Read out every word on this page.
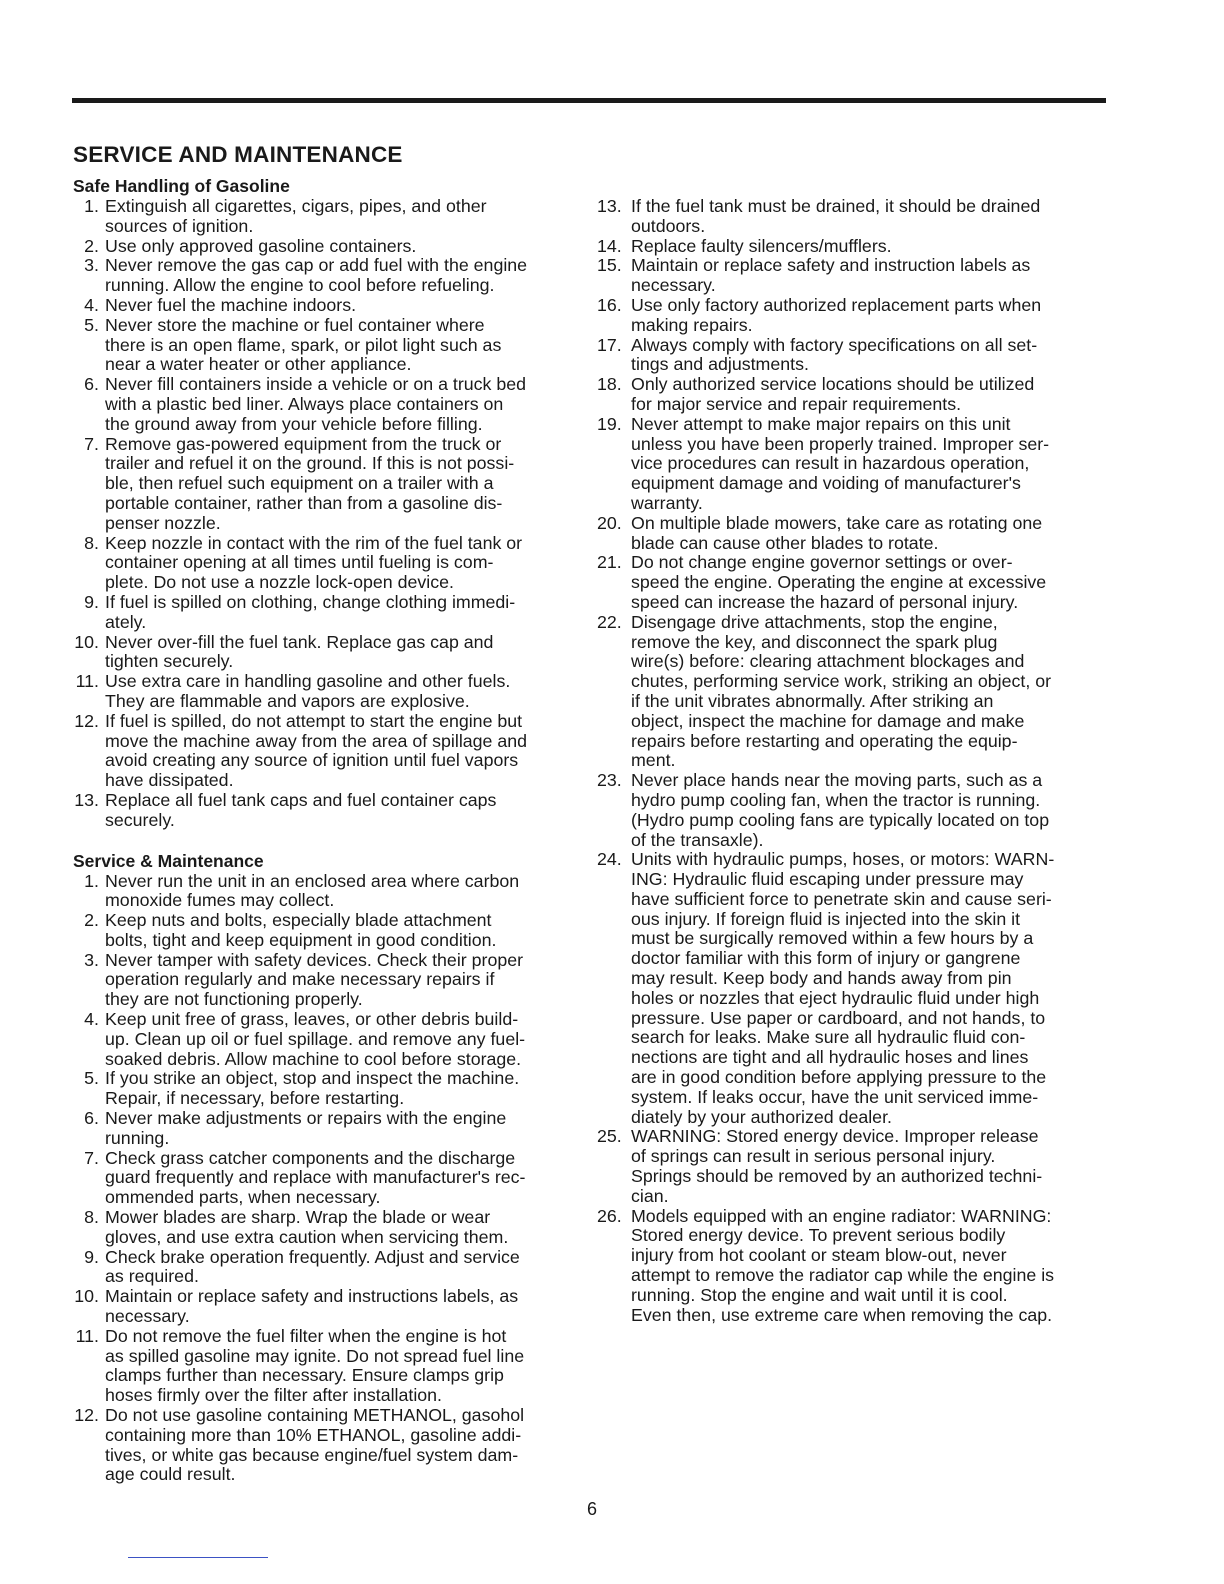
SERVICE AND MAINTENANCE
Safe Handling of Gasoline
1. Extinguish all cigarettes, cigars, pipes, and other
sources of ignition.
2. Use only approved gasoline containers.
3. Never remove the gas cap or add fuel with the engine
running. Allow the engine to cool before refueling.
4. Never fuel the machine indoors.
5. Never store the machine or fuel container where
there is an open flame, spark, or pilot light such as
near a water heater or other appliance.
6. Never fill containers inside a vehicle or on a truck bed
with a plastic bed liner. Always place containers on
the ground away from your vehicle before filling.
7. Remove gas-powered equipment from the truck or
trailer and refuel it on the ground. If this is not possi-
ble, then refuel such equipment on a trailer with a
portable container, rather than from a gasoline dis-
penser nozzle.
8. Keep nozzle in contact with the rim of the fuel tank or
container opening at all times until fueling is com-
plete. Do not use a nozzle lock-open device.
9. If fuel is spilled on clothing, change clothing immedi-
ately.
10. Never over-fill the fuel tank. Replace gas cap and
tighten securely.
11. Use extra care in handling gasoline and other fuels.
They are flammable and vapors are explosive.
12. If fuel is spilled, do not attempt to start the engine but
move the machine away from the area of spillage and
avoid creating any source of ignition until fuel vapors
have dissipated.
13. Replace all fuel tank caps and fuel container caps
securely.
Service & Maintenance
1. Never run the unit in an enclosed area where carbon
monoxide fumes may collect.
2. Keep nuts and bolts, especially blade attachment
bolts, tight and keep equipment in good condition.
3. Never tamper with safety devices. Check their proper
operation regularly and make necessary repairs if
they are not functioning properly.
4. Keep unit free of grass, leaves, or other debris build-
up. Clean up oil or fuel spillage. and remove any fuel-
soaked debris. Allow machine to cool before storage.
5. If you strike an object, stop and inspect the machine.
Repair, if necessary, before restarting.
6. Never make adjustments or repairs with the engine
running.
7. Check grass catcher components and the discharge
guard frequently and replace with manufacturer's rec-
ommended parts, when necessary.
8. Mower blades are sharp. Wrap the blade or wear
gloves, and use extra caution when servicing them.
9. Check brake operation frequently. Adjust and service
as required.
10. Maintain or replace safety and instructions labels, as
necessary.
11. Do not remove the fuel filter when the engine is hot
as spilled gasoline may ignite. Do not spread fuel line
clamps further than necessary. Ensure clamps grip
hoses firmly over the filter after installation.
12. Do not use gasoline containing METHANOL, gasohol
containing more than 10% ETHANOL, gasoline addi-
tives, or white gas because engine/fuel system dam-
age could result.
13. If the fuel tank must be drained, it should be drained
outdoors.
14. Replace faulty silencers/mufflers.
15. Maintain or replace safety and instruction labels as
necessary.
16. Use only factory authorized replacement parts when
making repairs.
17. Always comply with factory specifications on all set-
tings and adjustments.
18. Only authorized service locations should be utilized
for major service and repair requirements.
19. Never attempt to make major repairs on this unit
unless you have been properly trained. Improper ser-
vice procedures can result in hazardous operation,
equipment damage and voiding of manufacturer's
warranty.
20. On multiple blade mowers, take care as rotating one
blade can cause other blades to rotate.
21. Do not change engine governor settings or over-
speed the engine. Operating the engine at excessive
speed can increase the hazard of personal injury.
22. Disengage drive attachments, stop the engine,
remove the key, and disconnect the spark plug
wire(s) before: clearing attachment blockages and
chutes, performing service work, striking an object, or
if the unit vibrates abnormally. After striking an
object, inspect the machine for damage and make
repairs before restarting and operating the equip-
ment.
23. Never place hands near the moving parts, such as a
hydro pump cooling fan, when the tractor is running.
(Hydro pump cooling fans are typically located on top
of the transaxle).
24. Units with hydraulic pumps, hoses, or motors: WARN-
ING: Hydraulic fluid escaping under pressure may
have sufficient force to penetrate skin and cause seri-
ous injury. If foreign fluid is injected into the skin it
must be surgically removed within a few hours by a
doctor familiar with this form of injury or gangrene
may result. Keep body and hands away from pin
holes or nozzles that eject hydraulic fluid under high
pressure. Use paper or cardboard, and not hands, to
search for leaks. Make sure all hydraulic fluid con-
nections are tight and all hydraulic hoses and lines
are in good condition before applying pressure to the
system. If leaks occur, have the unit serviced imme-
diately by your authorized dealer.
25. WARNING: Stored energy device. Improper release
of springs can result in serious personal injury.
Springs should be removed by an authorized techni-
cian.
26. Models equipped with an engine radiator: WARNING:
Stored energy device. To prevent serious bodily
injury from hot coolant or steam blow-out, never
attempt to remove the radiator cap while the engine is
running. Stop the engine and wait until it is cool.
Even then, use extreme care when removing the cap.
6
